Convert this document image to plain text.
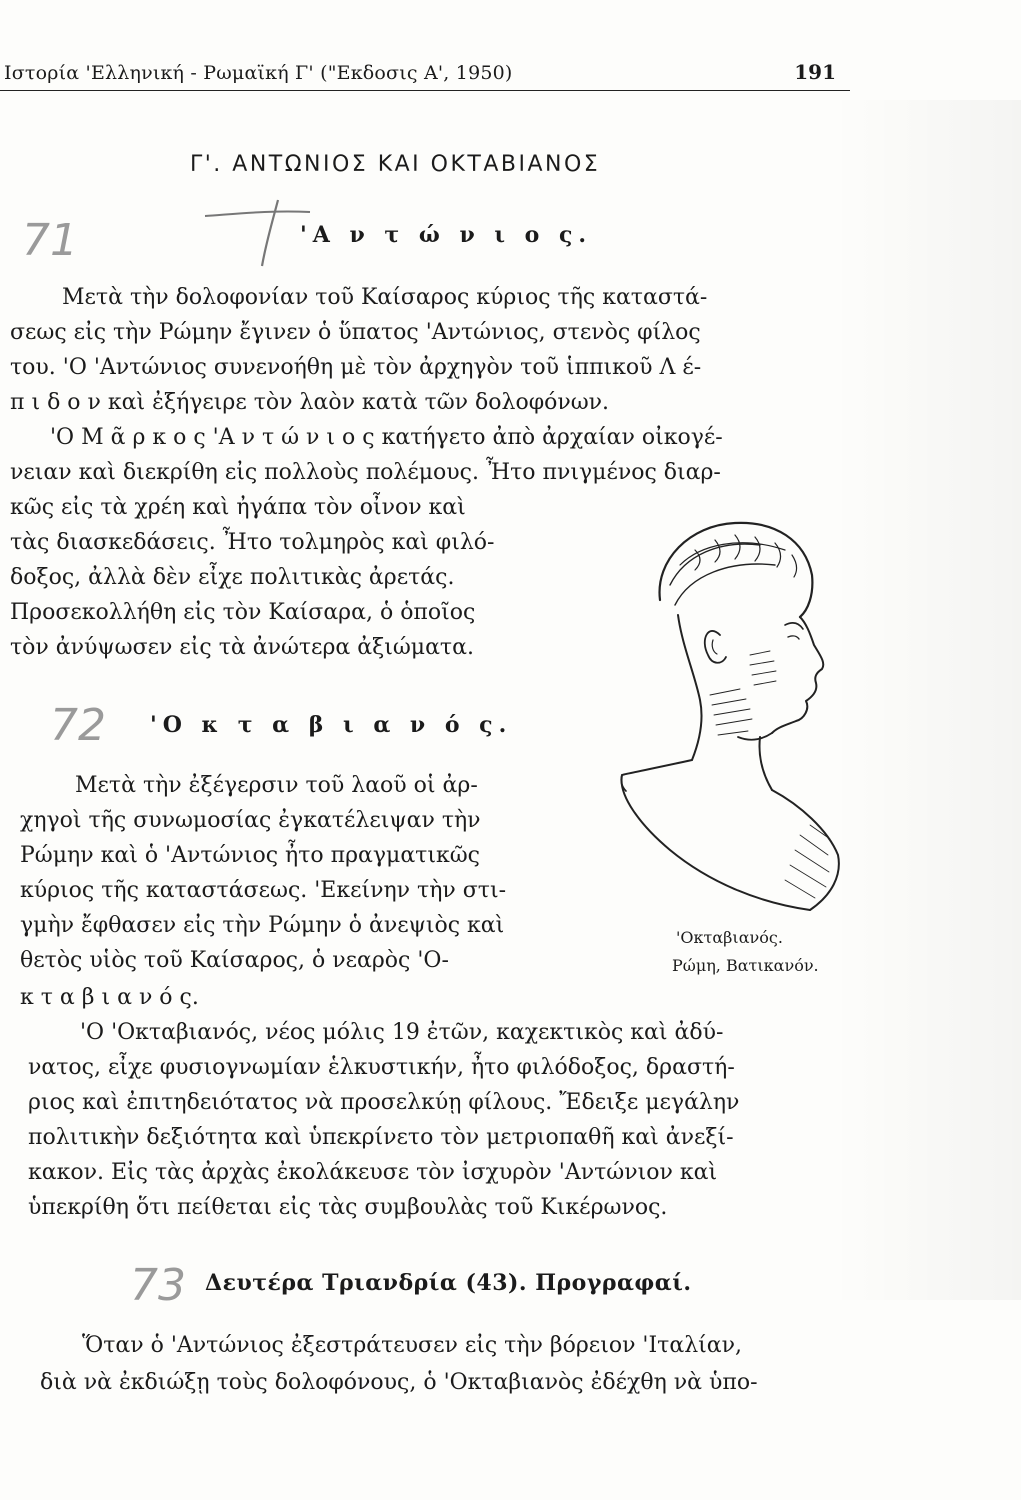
Ιστορία 'Ελληνική - Ρωμαϊκή Γ' ("Εκδοσις Α', 1950)	191
Γ'. ΑΝΤΩΝΙΟΣ ΚΑΙ ΟΚΤΑΒΙΑΝΟΣ
71
72
73
'Α ν τ ώ ν ι ο ς.
Μετὰ τὴν δολοφονίαν τοῦ Καίσαρος κύριος τῆς καταστά-
σεως εἰς τὴν Ρώμην ἔγινεν ὁ ὕπατος 'Αντώνιος, στενὸς φίλος
του. 'Ο 'Αντώνιος συνενοήθη μὲ τὸν ἀρχηγὸν τοῦ ἱππικοῦ Λ έ-
π ι δ ο ν καὶ ἐξήγειρε τὸν λαὸν κατὰ τῶν δολοφόνων.
'Ο Μ ᾶ ρ κ ο ς 'Α ν τ ώ ν ι ο ς κατήγετο ἀπὸ ἀρχαίαν οἰκογέ-
νειαν καὶ διεκρίθη εἰς πολλοὺς πολέμους. Ἦτο πνιγμένος διαρ-
κῶς εἰς τὰ χρέη καὶ ἠγάπα τὸν οἶνον καὶ
τὰς διασκεδάσεις. Ἦτο τολμηρὸς καὶ φιλό-
δοξος, ἀλλὰ δὲν εἶχε πολιτικὰς ἀρετάς.
Προσεκολλήθη εἰς τὸν Καίσαρα, ὁ ὁποῖος
τὸν ἀνύψωσεν εἰς τὰ ἀνώτερα ἀξιώματα.
'Ο κ τ α β ι α ν ό ς.
Μετὰ τὴν ἐξέγερσιν τοῦ λαοῦ οἱ ἀρ-
χηγοὶ τῆς συνωμοσίας ἐγκατέλειψαν τὴν
Ρώμην καὶ ὁ 'Αντώνιος ἦτο πραγματικῶς
κύριος τῆς καταστάσεως. 'Εκείνην τὴν στι-
γμὴν ἔφθασεν εἰς τὴν Ρώμην ὁ ἀνεψιὸς καὶ
θετὸς υἱὸς τοῦ Καίσαρος, ὁ νεαρὸς 'Ο-
κ τ α β ι α ν ό ς.
'Ο 'Οκταβιανός, νέος μόλις 19 ἐτῶν, καχεκτικὸς καὶ ἀδύ-
νατος, εἶχε φυσιογνωμίαν ἑλκυστικήν, ἦτο φιλόδοξος, δραστή-
ριος καὶ ἐπιτηδειότατος νὰ προσελκύῃ φίλους. Ἔδειξε μεγάλην
πολιτικὴν δεξιότητα καὶ ὑπεκρίνετο τὸν μετριοπαθῆ καὶ ἀνεξί-
κακον. Εἰς τὰς ἀρχὰς ἐκολάκευσε τὸν ἰσχυρὸν 'Αντώνιον καὶ
ὑπεκρίθη ὅτι πείθεται εἰς τὰς συμβουλὰς τοῦ Κικέρωνος.
'Οκταβιανός.
Ρώμη, Βατικανόν.
Δευτέρα Τριανδρία (43). Προγραφαί.
Ὅταν ὁ 'Αντώνιος ἐξεστράτευσεν εἰς τὴν βόρειον 'Ιταλίαν,
διὰ νὰ ἐκδιώξῃ τοὺς δολοφόνους, ὁ 'Οκταβιανὸς ἐδέχθη νὰ ὑπο-
